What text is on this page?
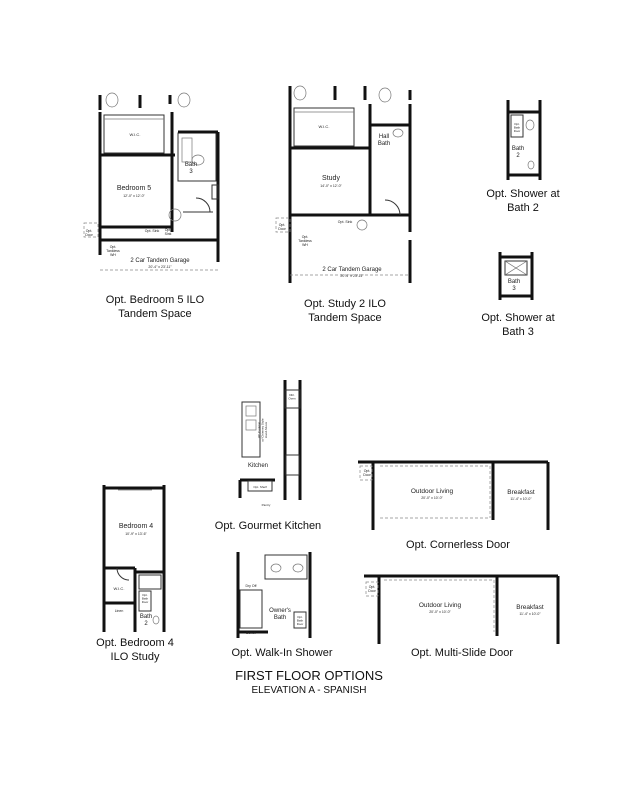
W.I.C.
Bedroom 5
12'-0" x 12'-0"
Bath 3
Opt. Door
Opt. Sink Opt. Sink
Opt. Tankless WH
2 Car Tandem Garage
20'-4" x 23'-11"
W.I.C.
Hall Bath
Study
14'-0" x 12'-0"
Opt. Door
Opt. Sink
Opt. Tankless WH
2 Car Tandem Garage
20'-4" x 23'-11"
Opt. Bath Door
Bath 2
Bath 3
Dbl. Oven
30" Cooktopw/ Chimney StyleHood Above
Kitchen
Opt. Shelf
Pantry
Bedroom 4
10'-9" x 13'-6"
W.I.C.
Opt. Bath Door
Bath 2
Linen
Dry Off
Owner's Bath	Opt. Bath Door
Bench
Opt. Door
Outdoor Living
20'-0" x 10'-0"
Breakfast
11'-4" x 10'-0"
Opt. Door
Outdoor Living
20'-0" x 10'-0"
Breakfast
11'-4" x 10'-0"
Opt. Bedroom 5 ILO
Tandem Space
Opt. Study 2 ILO
Tandem Space
Opt. Shower at
Bath 2
Opt. Shower at
Bath 3
Opt. Gourmet Kitchen
Opt. Cornerless Door
Opt. Bedroom 4
ILO Study	Opt. Walk-In Shower	Opt. Multi-Slide Door
FIRST FLOOR OPTIONS
ELEVATION A - SPANISH
